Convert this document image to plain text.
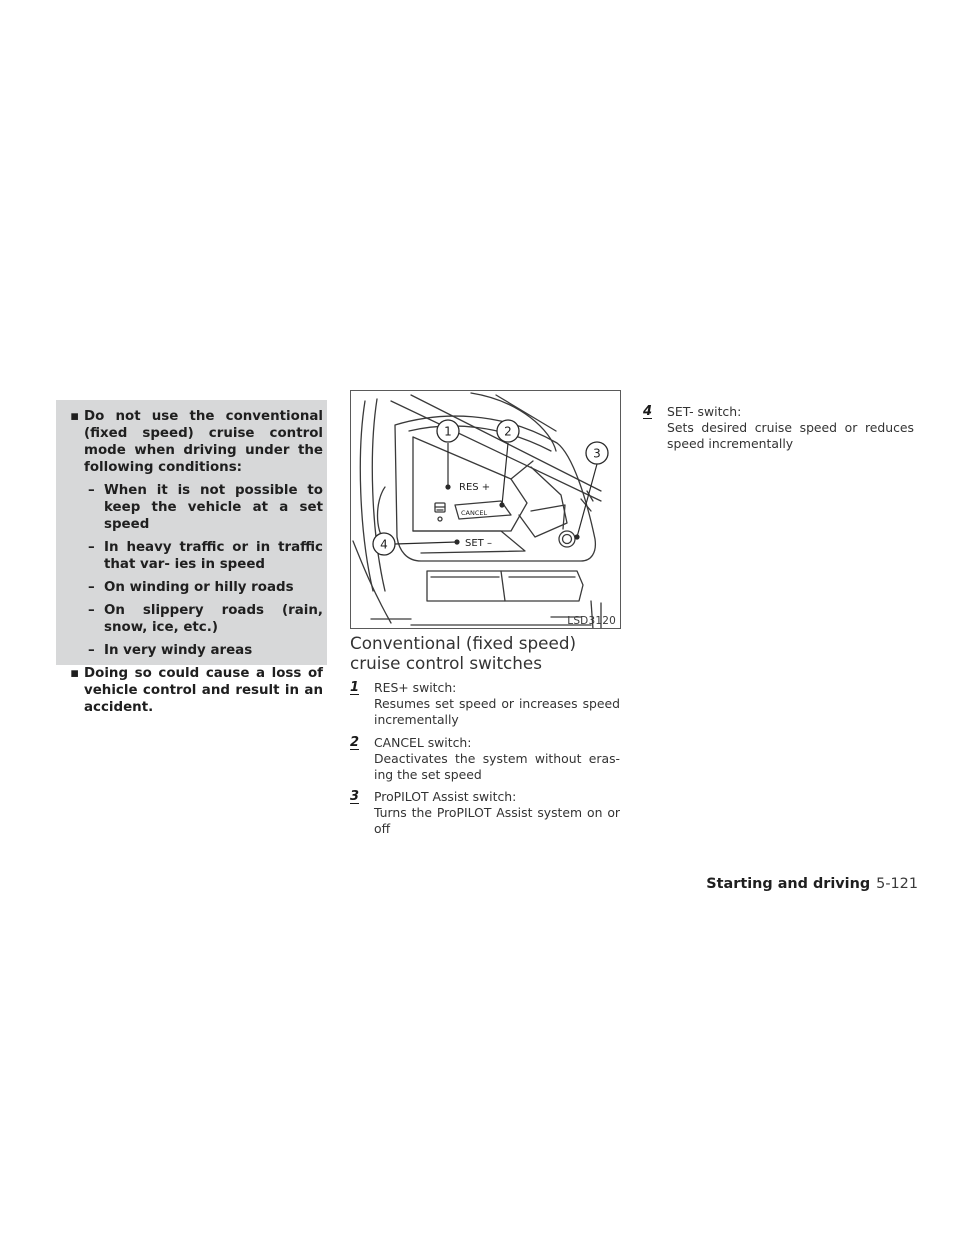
▪ Do not use the conventional (fixed speed) cruise control mode when driving under the following conditions:
– When it is not possible to keep the vehicle at a set speed
– In heavy traffic or in traffic that var- ies in speed
– On winding or hilly roads
– On slippery roads (rain, snow, ice, etc.)
– In very windy areas
▪ Doing so could cause a loss of vehicle control and result in an accident.
1	2
3
4
RES +
CANCEL
SET –
LSD3120
Conventional (fixed speed) cruise control switches
1	RES+ switch:
Resumes set speed or increases speed incrementally
2	CANCEL switch:
Deactivates the system without eras- ing the set speed
3	ProPILOT Assist switch:
Turns the ProPILOT Assist system on or off
4	SET- switch:
Sets desired cruise speed or reduces speed incrementally
Starting and driving 5-121
